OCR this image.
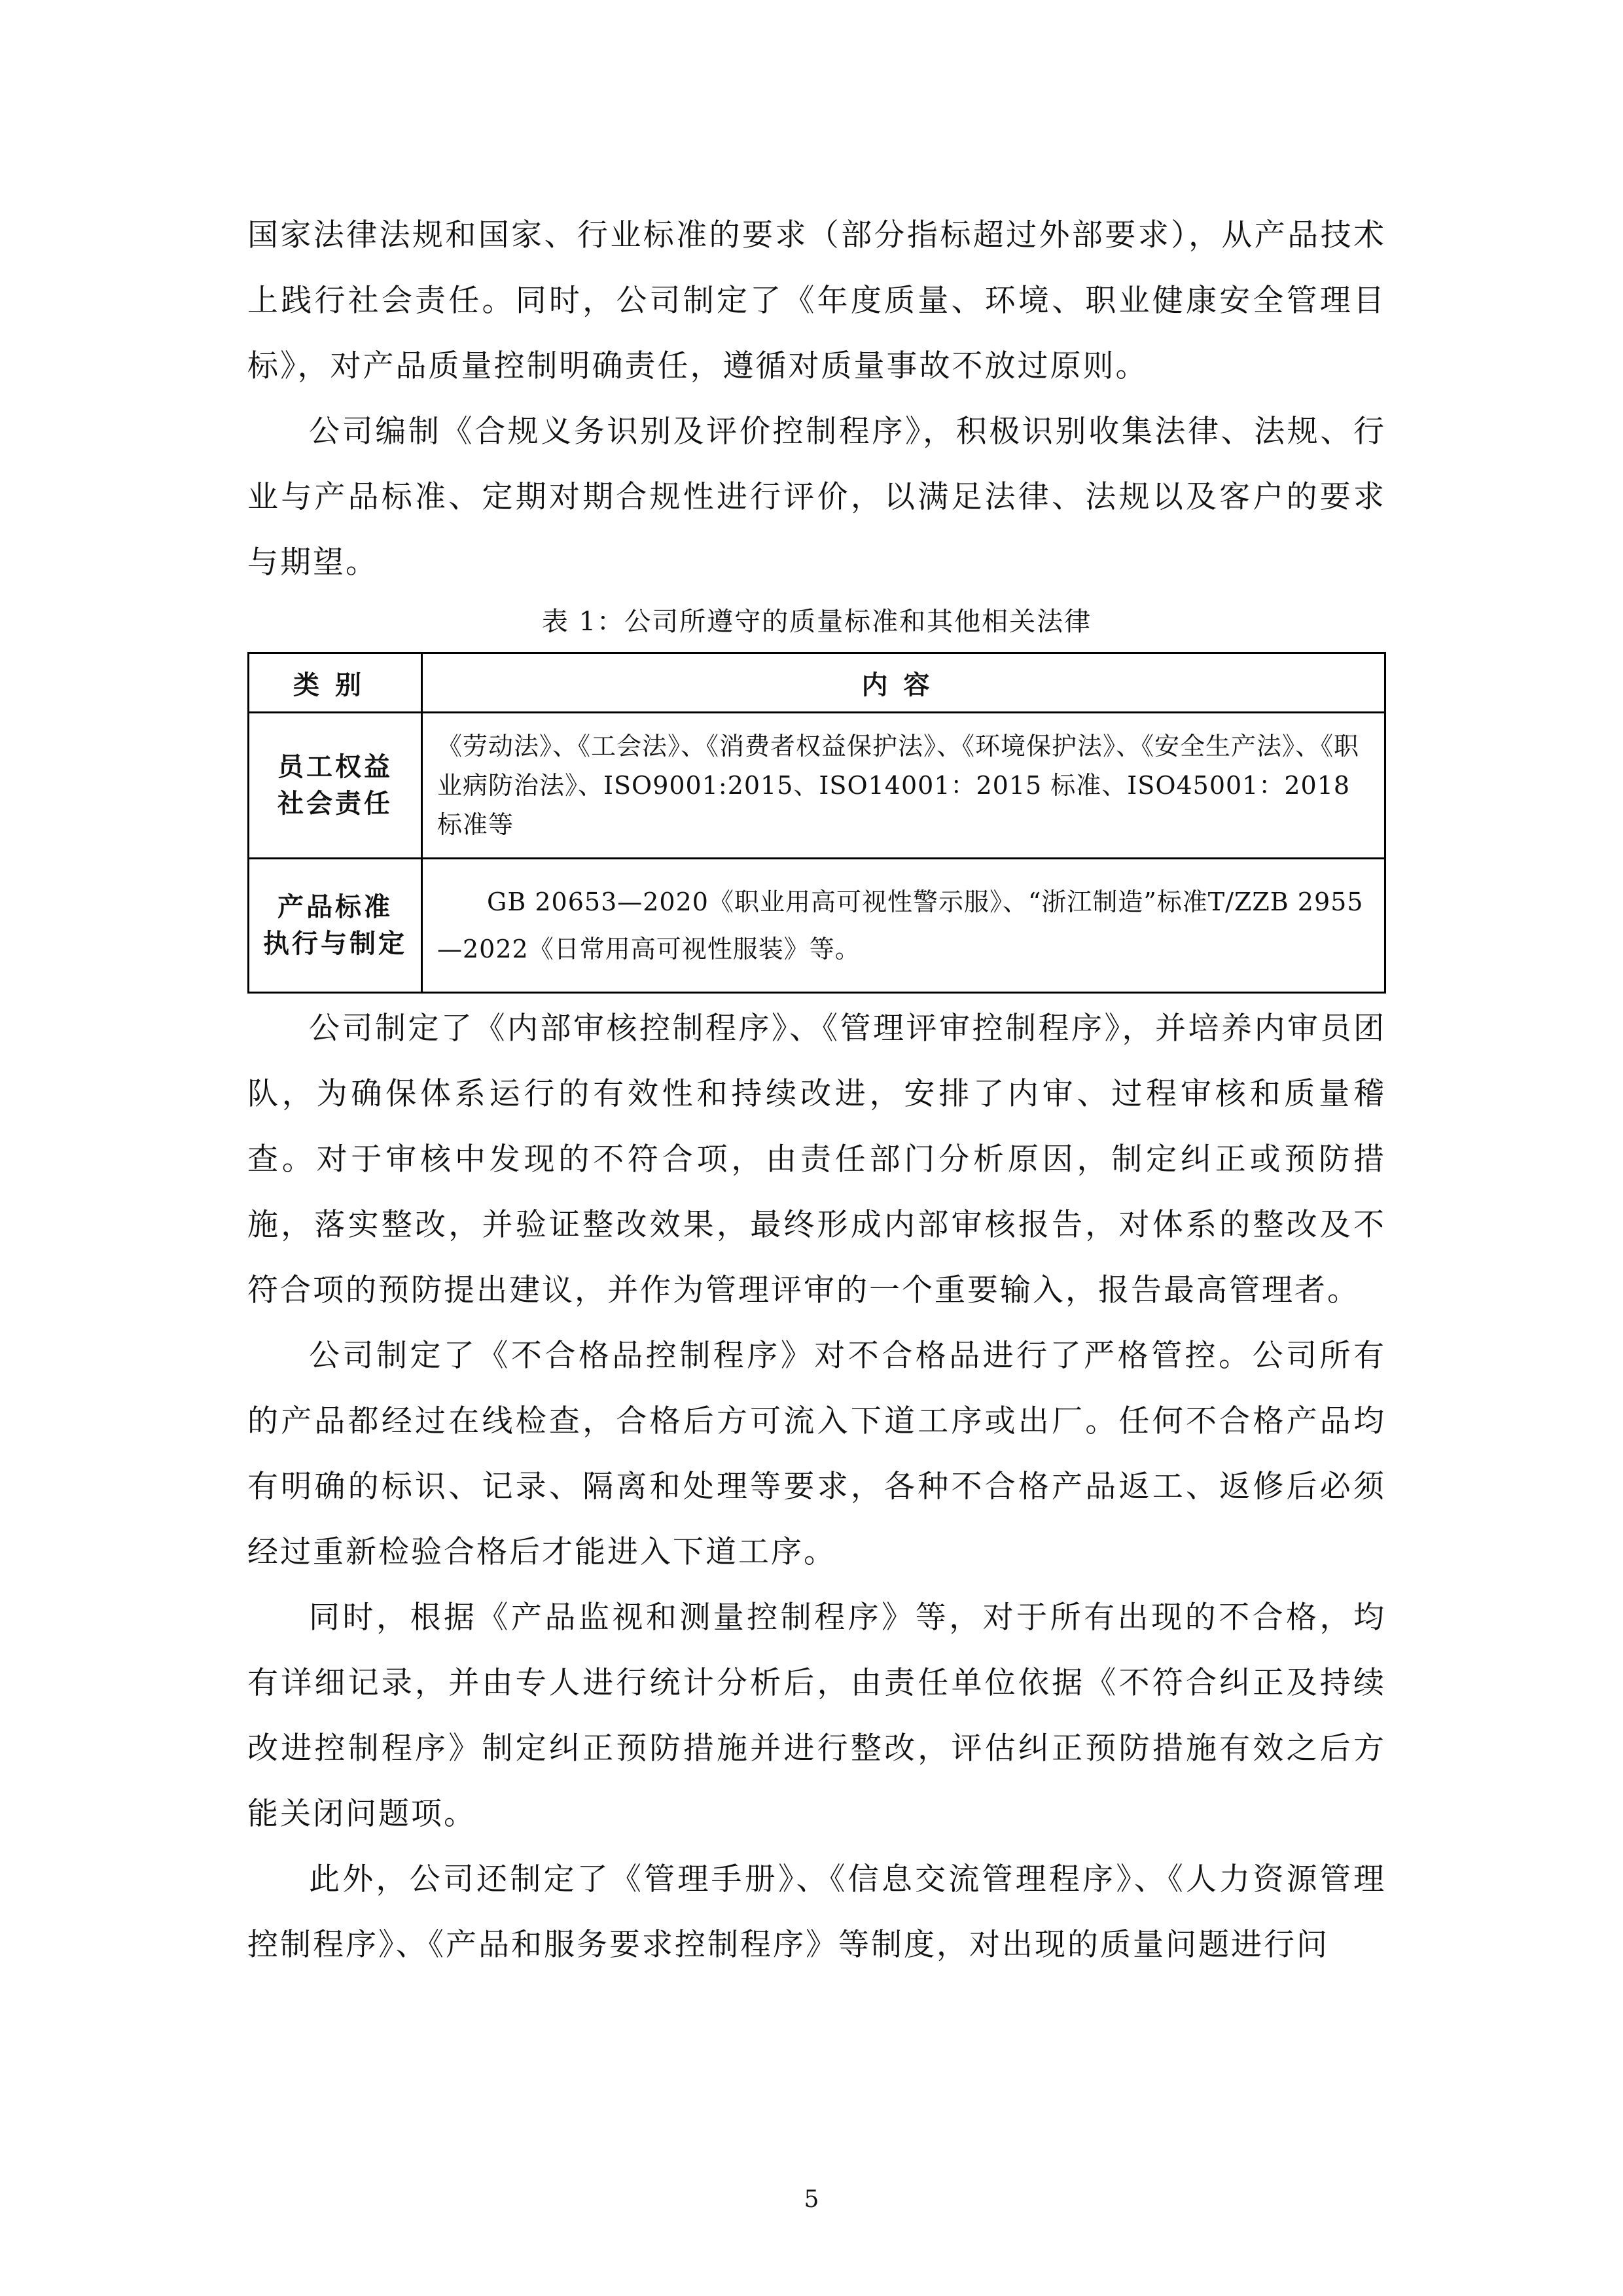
国家法律法规和国家、行业标准的要求（部分指标超过外部要求），从产品技术上践行社会责任。同时，公司制定了《年度质量、环境、职业健康安全管理目标》，对产品质量控制明确责任，遵循对质量事故不放过原则。

公司编制《合规义务识别及评价控制程序》，积极识别收集法律、法规、行业与产品标准、定期对期合规性进行评价，以满足法律、法规以及客户的要求与期望。

表 1：公司所遵守的质量标准和其他相关法律
类别	内容

员工权益
社会责任	《劳动法》、《工会法》、《消费者权益保护法》、《环境保护法》、《安全生产法》、《职业病防治法》、ISO9001:2015、ISO14001：2015 标准、ISO45001：2018 标准等

产品标准
执行与制定	GB 20653—2020《职业用高可视性警示服》、“浙江制造”标准T/ZZB 2955—2022《日常用高可视性服装》等。

公司制定了《内部审核控制程序》、《管理评审控制程序》，并培养内审员团队，为确保体系运行的有效性和持续改进，安排了内审、过程审核和质量稽查。对于审核中发现的不符合项，由责任部门分析原因，制定纠正或预防措施，落实整改，并验证整改效果，最终形成内部审核报告，对体系的整改及不符合项的预防提出建议，并作为管理评审的一个重要输入，报告最高管理者。

公司制定了《不合格品控制程序》对不合格品进行了严格管控。公司所有的产品都经过在线检查，合格后方可流入下道工序或出厂。任何不合格产品均有明确的标识、记录、隔离和处理等要求，各种不合格产品返工、返修后必须经过重新检验合格后才能进入下道工序。

同时，根据《产品监视和测量控制程序》等，对于所有出现的不合格，均有详细记录，并由专人进行统计分析后，由责任单位依据《不符合纠正及持续改进控制程序》制定纠正预防措施并进行整改，评估纠正预防措施有效之后方能关闭问题项。

此外，公司还制定了《管理手册》、《信息交流管理程序》、《人力资源管理控制程序》、《产品和服务要求控制程序》等制度，对出现的质量问题进行问

5
